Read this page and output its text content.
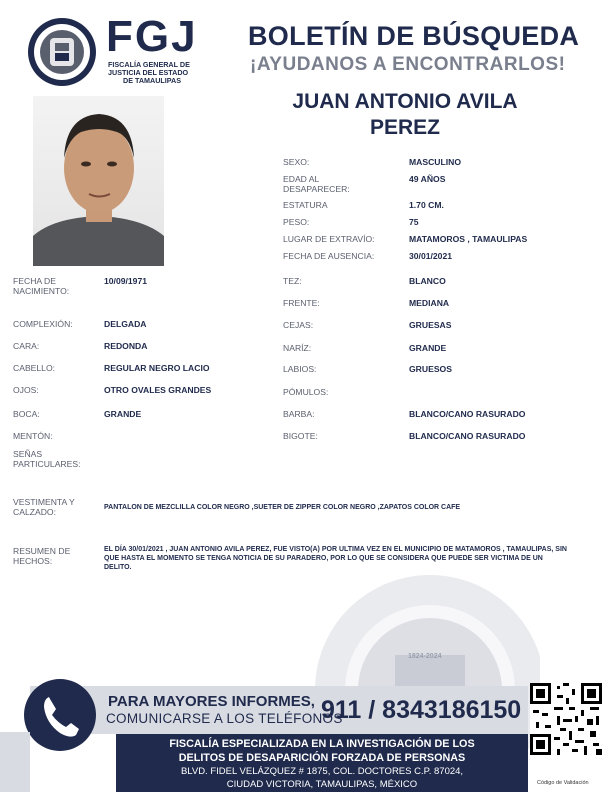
FGJ
FISCALÍA GENERAL DE
JUSTICIA DEL ESTADO
DE TAMAULIPAS
BOLETÍN DE BÚSQUEDA
¡AYUDANOS A ENCONTRARLOS!
JUAN ANTONIO AVILA
PEREZ
SEXO:	MASCULINO
EDAD AL DESAPARECER:
49 AÑOS
ESTATURA	1.70 CM.
PESO:	75
LUGAR DE EXTRAVÍO:	MATAMOROS , TAMAULIPAS
FECHA DE AUSENCIA:	30/01/2021
FECHA DE NACIMIENTO:
10/09/1971
COMPLEXIÓN:	DELGADA
CARA:	REDONDA
CABELLO:	REGULAR NEGRO LACIO
OJOS:	OTRO OVALES GRANDES
BOCA:	GRANDE
MENTÓN:
SEÑAS PARTICULARES:
TEZ:	BLANCO
FRENTE:	MEDIANA
CEJAS:	GRUESAS
NARÍZ:	GRANDE
LABIOS:	GRUESOS
PÓMULOS:
BARBA:	BLANCO/CANO RASURADO
BIGOTE:	BLANCO/CANO RASURADO
VESTIMENTA Y CALZADO:	PANTALON DE MEZCLILLA COLOR NEGRO ,SUETER DE ZIPPER COLOR NEGRO ,ZAPATOS COLOR CAFE
RESUMEN DE HECHOS:
EL DÍA 30/01/2021 , JUAN ANTONIO AVILA PEREZ, FUE VISTO(A) POR ULTIMA VEZ EN EL MUNICIPIO DE MATAMOROS , TAMAULIPAS, SIN QUE HASTA EL MOMENTO SE TENGA NOTICIA DE SU PARADERO, POR LO QUE SE CONSIDERA QUE PUEDE SER VICTIMA DE UN DELITO.
1824-2024
PARA MAYORES INFORMES,
COMUNICARSE A LOS TELÉFONOS
911 / 8343186150
FISCALÍA ESPECIALIZADA EN LA INVESTIGACIÓN DE LOS
DELITOS DE DESAPARICIÓN FORZADA DE PERSONAS
BLVD. FIDEL VELÁZQUEZ # 1875, COL. DOCTORES C.P. 87024,
CIUDAD VICTORIA, TAMAULIPAS, MÉXICO	Código de Validación
